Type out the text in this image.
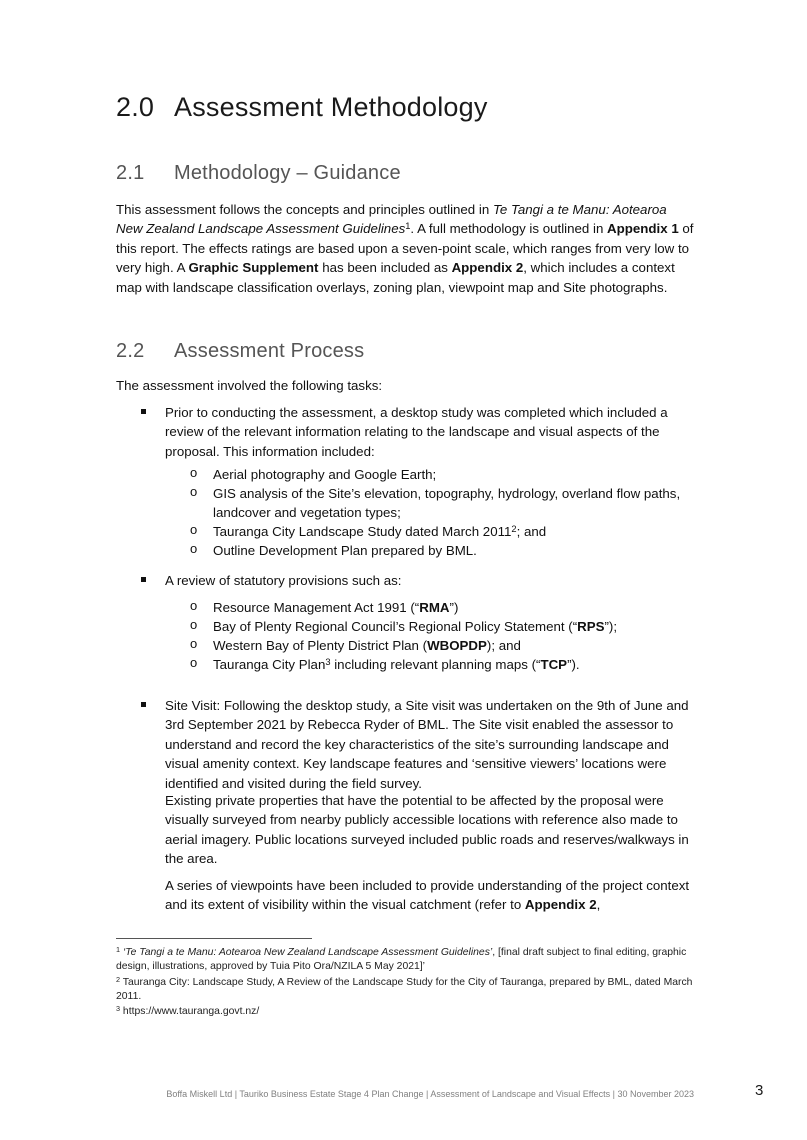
2.0 Assessment Methodology
2.1 Methodology – Guidance

This assessment follows the concepts and principles outlined in Te Tangi a te Manu: Aotearoa New Zealand Landscape Assessment Guidelines$^1$. A full methodology is outlined in Appendix 1 of this report. The effects ratings are based upon a seven-point scale, which ranges from very low to very high. A Graphic Supplement has been included as Appendix 2, which includes a context map with landscape classification overlays, zoning plan, viewpoint map and Site photographs.

2.2 Assessment Process

The assessment involved the following tasks:

Prior to conducting the assessment, a desktop study was completed which included a review of the relevant information relating to the landscape and visual aspects of the proposal. This information included:

o Aerial photography and Google Earth;

o GIS analysis of the Site’s elevation, topography, hydrology, overland flow paths, landcover and vegetation types;

o Tauranga City Landscape Study dated March 2011$^2$; and

o Outline Development Plan prepared by BML.

A review of statutory provisions such as:

o Resource Management Act 1991 (“RMA”)

o Bay of Plenty Regional Council’s Regional Policy Statement (“RPS”);

o Western Bay of Plenty District Plan (WBOPDP); and

o Tauranga City Plan$^3$ including relevant planning maps (“TCP”).

Site Visit: Following the desktop study, a Site visit was undertaken on the 9th of June and 3rd September 2021 by Rebecca Ryder of BML. The Site visit enabled the assessor to understand and record the key characteristics of the site’s surrounding landscape and visual amenity context. Key landscape features and ‘sensitive viewers’ locations were identified and visited during the field survey.

Existing private properties that have the potential to be affected by the proposal were visually surveyed from nearby publicly accessible locations with reference also made to aerial imagery. Public locations surveyed included public roads and reserves/walkways in the area.

A series of viewpoints have been included to provide understanding of the project context and its extent of visibility within the visual catchment (refer to Appendix 2,

$^1$ ‘Te Tangi a te Manu: Aotearoa New Zealand Landscape Assessment Guidelines’, [final draft subject to final editing, graphic design, illustrations, approved by Tuia Pito Ora/NZILA 5 May 2021]’

$^2$ Tauranga City: Landscape Study, A Review of the Landscape Study for the City of Tauranga, prepared by BML, dated March 2011.

$^3$ https://www.tauranga.govt.nz/

Boffa Miskell Ltd | Tauriko Business Estate Stage 4 Plan Change | Assessment of Landscape and Visual Effects | 30 November 2023	3
